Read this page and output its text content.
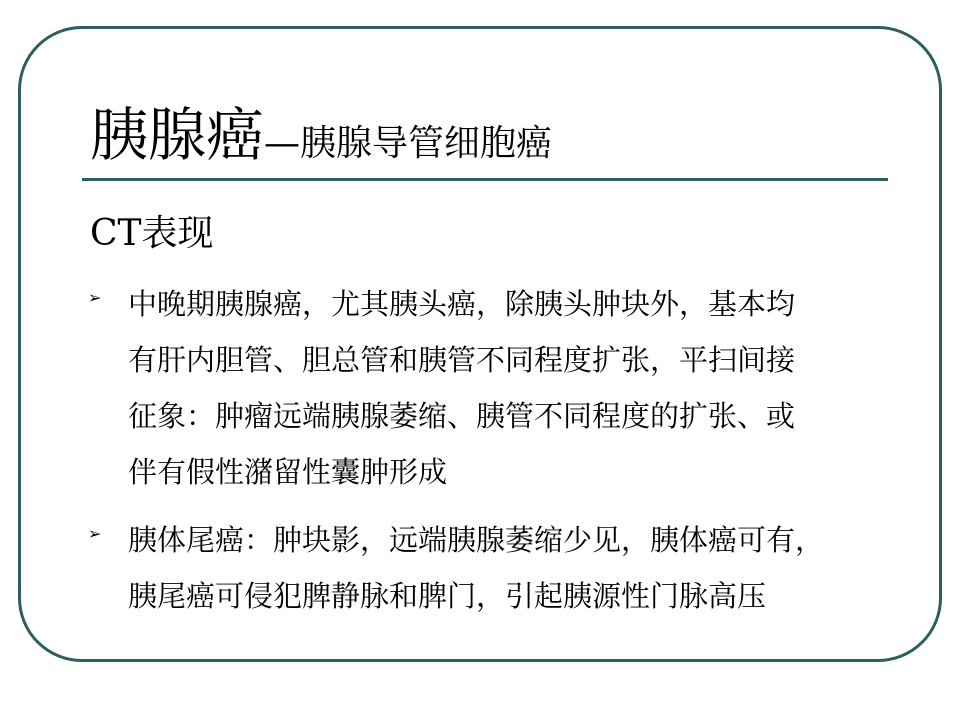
胰腺癌—胰腺导管细胞癌
CT表现
➢ 中晚期胰腺癌，尤其胰头癌，除胰头肿块外，基本均
有肝内胆管、胆总管和胰管不同程度扩张，平扫间接
征象：肿瘤远端胰腺萎缩、胰管不同程度的扩张、或
伴有假性潴留性囊肿形成
➢ 胰体尾癌：肿块影，远端胰腺萎缩少见，胰体癌可有，
胰尾癌可侵犯脾静脉和脾门，引起胰源性门脉高压
